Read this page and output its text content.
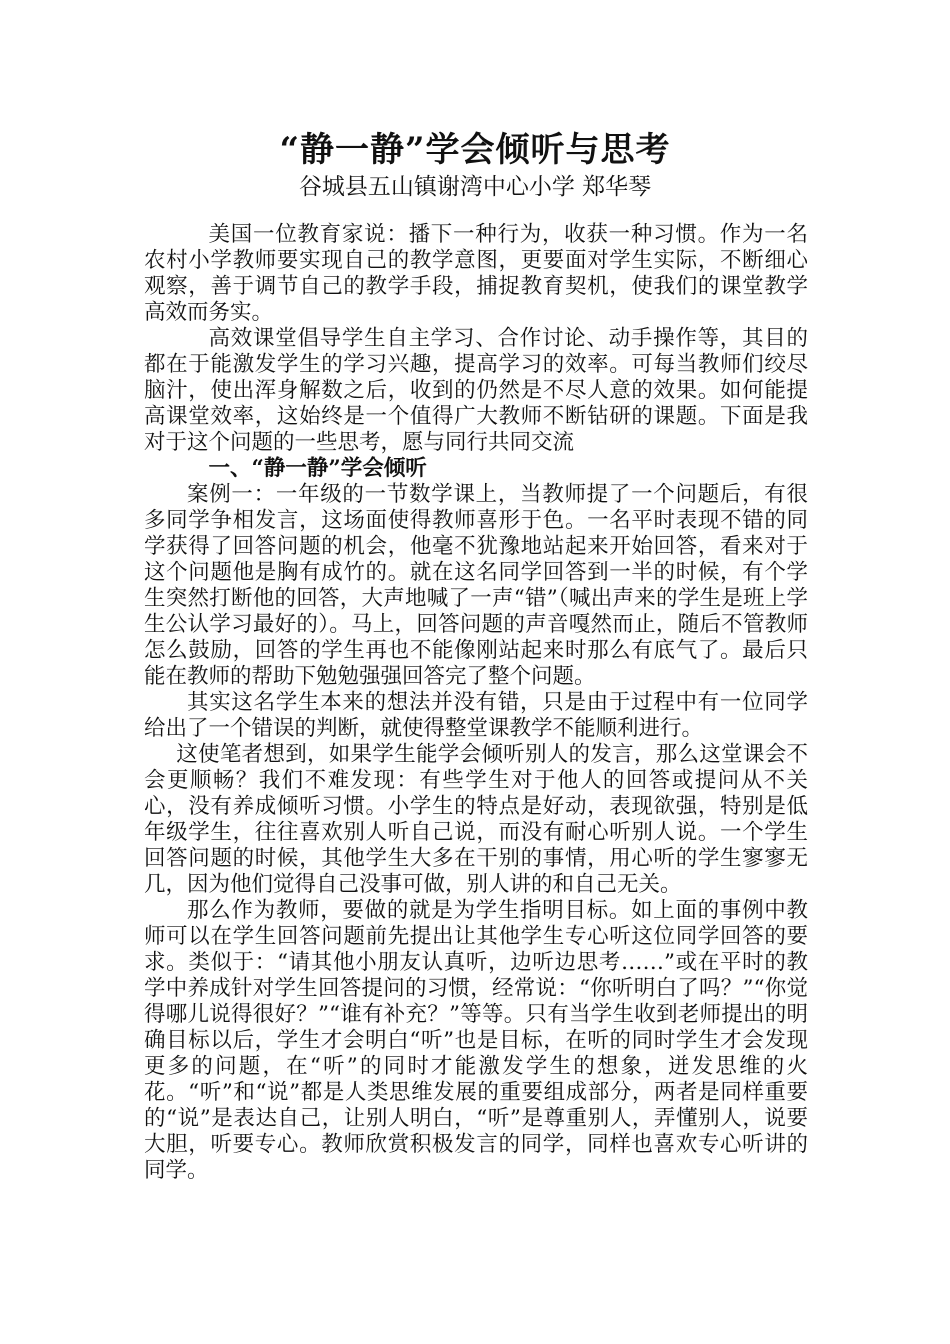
“静一静”学会倾听与思考
谷城县五山镇谢湾中心小学 郑华琴

美国一位教育家说：播下一种行为，收获一种习惯。作为一名农村小学教师要实现自己的教学意图，更要面对学生实际，不断细心观察，善于调节自己的教学手段，捕捉教育契机，使我们的课堂教学高效而务实。

高效课堂倡导学生自主学习、合作讨论、动手操作等，其目的都在于能激发学生的学习兴趣，提高学习的效率。可每当教师们绞尽脑汁，使出浑身解数之后，收到的仍然是不尽人意的效果。如何能提高课堂效率，这始终是一个值得广大教师不断钻研的课题。下面是我对于这个问题的一些思考，愿与同行共同交流

一、“静一静”学会倾听

案例一：一年级的一节数学课上，当教师提了一个问题后，有很多同学争相发言，这场面使得教师喜形于色。一名平时表现不错的同学获得了回答问题的机会，他毫不犹豫地站起来开始回答，看来对于这个问题他是胸有成竹的。就在这名同学回答到一半的时候，有个学生突然打断他的回答，大声地喊了一声“错”（喊出声来的学生是班上学生公认学习最好的）。马上，回答问题的声音嘎然而止，随后不管教师怎么鼓励，回答的学生再也不能像刚站起来时那么有底气了。最后只能在教师的帮助下勉勉强强回答完了整个问题。

其实这名学生本来的想法并没有错，只是由于过程中有一位同学给出了一个错误的判断，就使得整堂课教学不能顺利进行。

这使笔者想到，如果学生能学会倾听别人的发言，那么这堂课会不会更顺畅？我们不难发现：有些学生对于他人的回答或提问从不关心，没有养成倾听习惯。小学生的特点是好动，表现欲强，特别是低年级学生，往往喜欢别人听自己说，而没有耐心听别人说。一个学生回答问题的时候，其他学生大多在干别的事情，用心听的学生寥寥无几，因为他们觉得自己没事可做，别人讲的和自己无关。

那么作为教师，要做的就是为学生指明目标。如上面的事例中教师可以在学生回答问题前先提出让其他学生专心听这位同学回答的要求。类似于：“请其他小朋友认真听，边听边思考……”或在平时的教学中养成针对学生回答提问的习惯，经常说：“你听明白了吗？”“你觉得哪儿说得很好？”“谁有补充？”等等。只有当学生收到老师提出的明确目标以后，学生才会明白“听”也是目标，在听的同时学生才会发现更多的问题，在“听”的同时才能激发学生的想象，迸发思维的火花。“听”和“说”都是人类思维发展的重要组成部分，两者是同样重要的“说”是表达自己，让别人明白，“听”是尊重别人，弄懂别人，说要大胆，听要专心。教师欣赏积极发言的同学，同样也喜欢专心听讲的同学。
